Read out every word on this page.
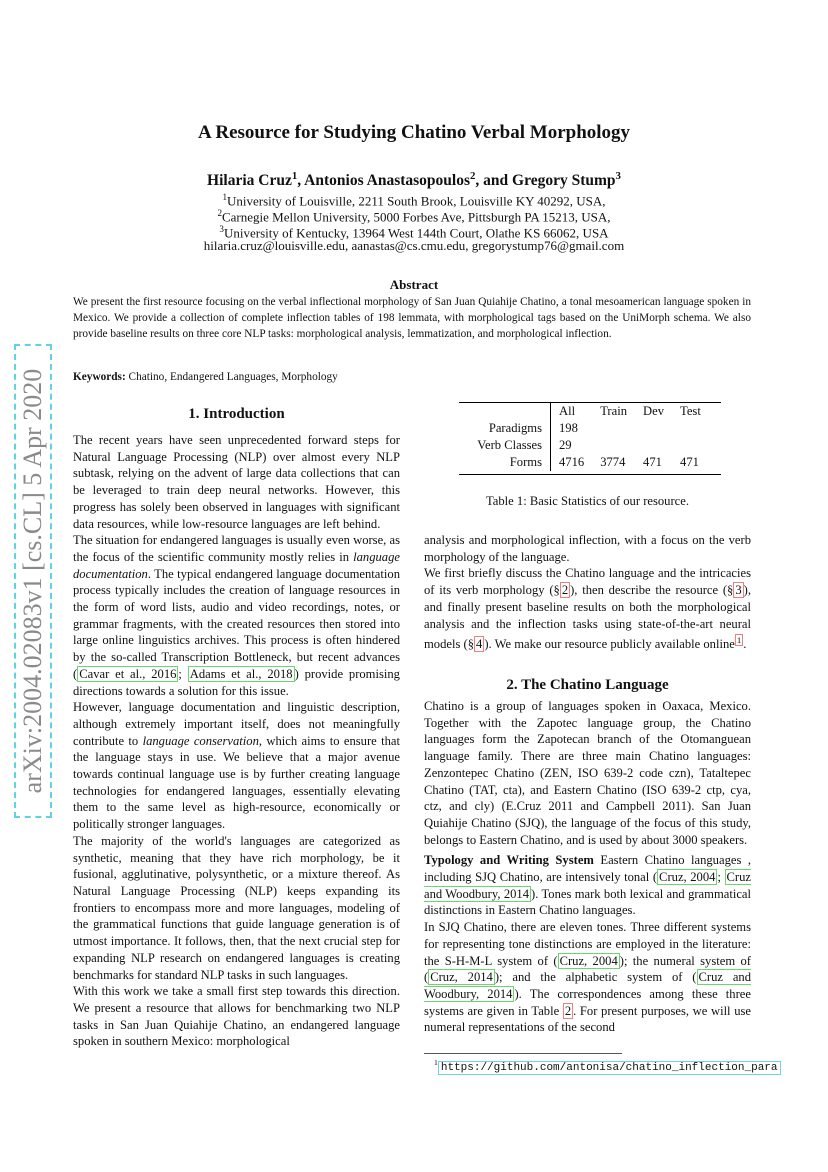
arXiv:2004.02083v1 [cs.CL] 5 Apr 2020
A Resource for Studying Chatino Verbal Morphology
Hilaria Cruz$^1$, Antonios Anastasopoulos$^2$, and Gregory Stump$^3$
$^1$University of Louisville, 2211 South Brook, Louisville KY 40292, USA,
$^2$Carnegie Mellon University, 5000 Forbes Ave, Pittsburgh PA 15213, USA,
$^3$University of Kentucky, 13964 West 144th Court, Olathe KS 66062, USA
hilaria.cruz@louisville.edu, aanastas@cs.cmu.edu, gregorystump76@gmail.com
Abstract
We present the first resource focusing on the verbal inflectional morphology of San Juan Quiahije Chatino, a tonal mesoamerican language spoken in Mexico. We provide a collection of complete inflection tables of 198 lemmata, with morphological tags based on the UniMorph schema. We also provide baseline results on three core NLP tasks: morphological analysis, lemmatization, and morphological inflection.
Keywords: Chatino, Endangered Languages, Morphology
1. Introduction

The recent years have seen unprecedented forward steps for Natural Language Processing (NLP) over almost every NLP subtask, relying on the advent of large data collections that can be leveraged to train deep neural networks. However, this progress has solely been observed in languages with significant data resources, while low-resource languages are left behind.

The situation for endangered languages is usually even worse, as the focus of the scientific community mostly relies in language documentation. The typical endangered language documentation process typically includes the creation of language resources in the form of word lists, audio and video recordings, notes, or grammar fragments, with the created resources then stored into large online linguistics archives. This process is often hindered by the so-called Transcription Bottleneck, but recent advances ( Cavar et al., 2016 ; Adams et al., 2018 ) provide promising directions towards a solution for this issue.

However, language documentation and linguistic description, although extremely important itself, does not meaningfully contribute to language conservation, which aims to ensure that the language stays in use. We believe that a major avenue towards continual language use is by further creating language technologies for endangered languages, essentially elevating them to the same level as high-resource, economically or politically stronger languages.

The majority of the world's languages are categorized as synthetic, meaning that they have rich morphology, be it fusional, agglutinative, polysynthetic, or a mixture thereof. As Natural Language Processing (NLP) keeps expanding its frontiers to encompass more and more languages, modeling of the grammatical functions that guide language generation is of utmost importance. It follows, then, that the next crucial step for expanding NLP research on endangered languages is creating benchmarks for standard NLP tasks in such languages.

With this work we take a small first step towards this direction. We present a resource that allows for benchmarking two NLP tasks in San Juan Quiahije Chatino, an endangered language spoken in southern Mexico: morphological

	All	Train	Dev	Test
Paradigms	198			
Verb Classes	29			
Forms	4716	3774	471	471
Table 1: Basic Statistics of our resource.

analysis and morphological inflection, with a focus on the verb morphology of the language.

We first briefly discuss the Chatino language and the intricacies of its verb morphology (§ 2 ), then describe the resource (§ 3 ), and finally present baseline results on both the morphological analysis and the inflection tasks using state-of-the-art neural models (§ 4 ). We make our resource publicly available online $^1$ .

2. The Chatino Language

Chatino is a group of languages spoken in Oaxaca, Mexico. Together with the Zapotec language group, the Chatino languages form the Zapotecan branch of the Otomanguean language family. There are three main Chatino languages: Zenzontepec Chatino (ZEN, ISO 639-2 code czn), Tataltepec Chatino (TAT, cta), and Eastern Chatino (ISO 639-2 ctp, cya, ctz, and cly) (E.Cruz 2011 and Campbell 2011). San Juan Quiahije Chatino (SJQ), the language of the focus of this study, belongs to Eastern Chatino, and is used by about 3000 speakers.

Typology and Writing System Eastern Chatino languages , including SJQ Chatino, are intensively tonal ( Cruz, 2004 ; Cruz and Woodbury, 2014 ). Tones mark both lexical and grammatical distinctions in Eastern Chatino languages.

In SJQ Chatino, there are eleven tones. Three different systems for representing tone distinctions are employed in the literature: the S-H-M-L system of ( Cruz, 2004 ); the numeral system of ( Cruz, 2014 ); and the alphabetic system of ( Cruz and Woodbury, 2014 ). The correspondences among these three systems are given in Table 2 . For present purposes, we will use numeral representations of the second

$^1$ https://github.com/antonisa/chatino_inflection_para
